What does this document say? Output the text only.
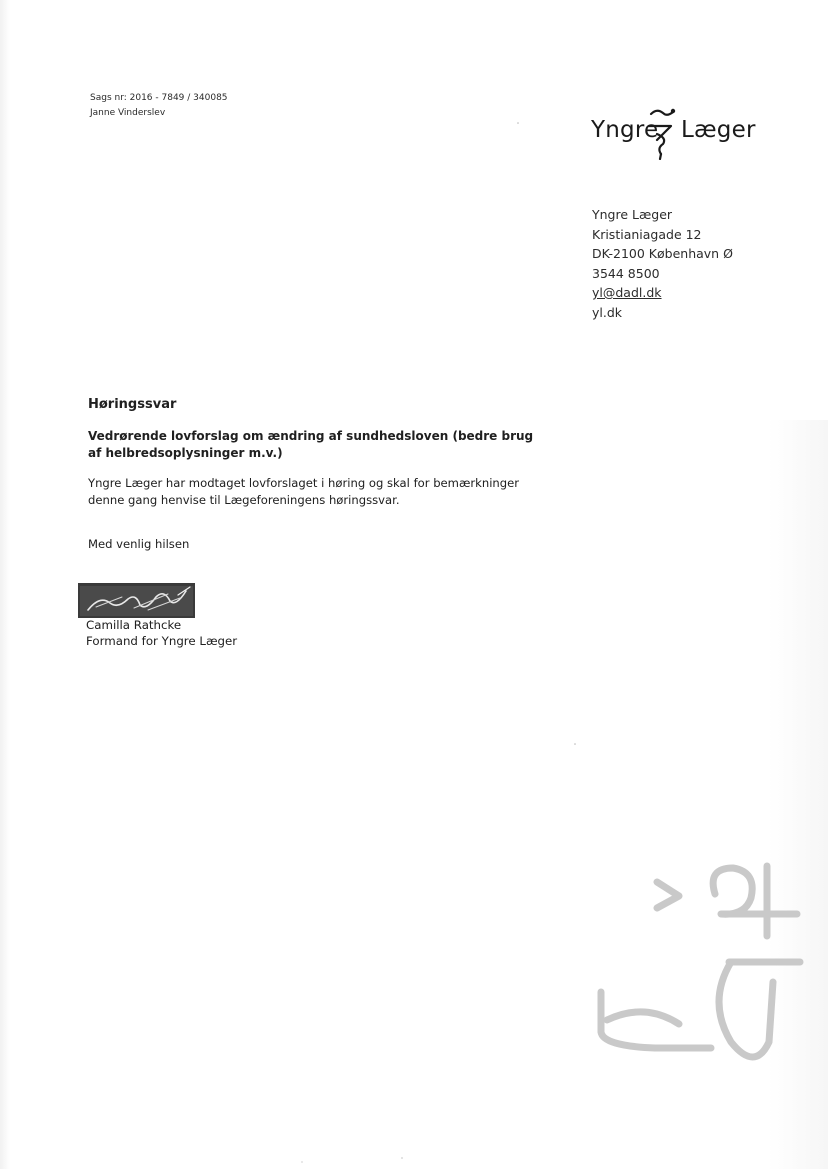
Sags nr: 2016 - 7849 / 340085
Janne Vinderslev
Yngre Læger
Yngre Læger
Kristianiagade 12
DK-2100 København Ø
3544 8500
yl@dadl.dk
yl.dk
Høringssvar
Vedrørende lovforslag om ændring af sundhedsloven (bedre brug af helbredsoplysninger m.v.)
Yngre Læger har modtaget lovforslaget i høring og skal for bemærkninger denne gang henvise til Lægeforeningens høringssvar.
Med venlig hilsen
Camilla Rathcke
Formand for Yngre Læger
